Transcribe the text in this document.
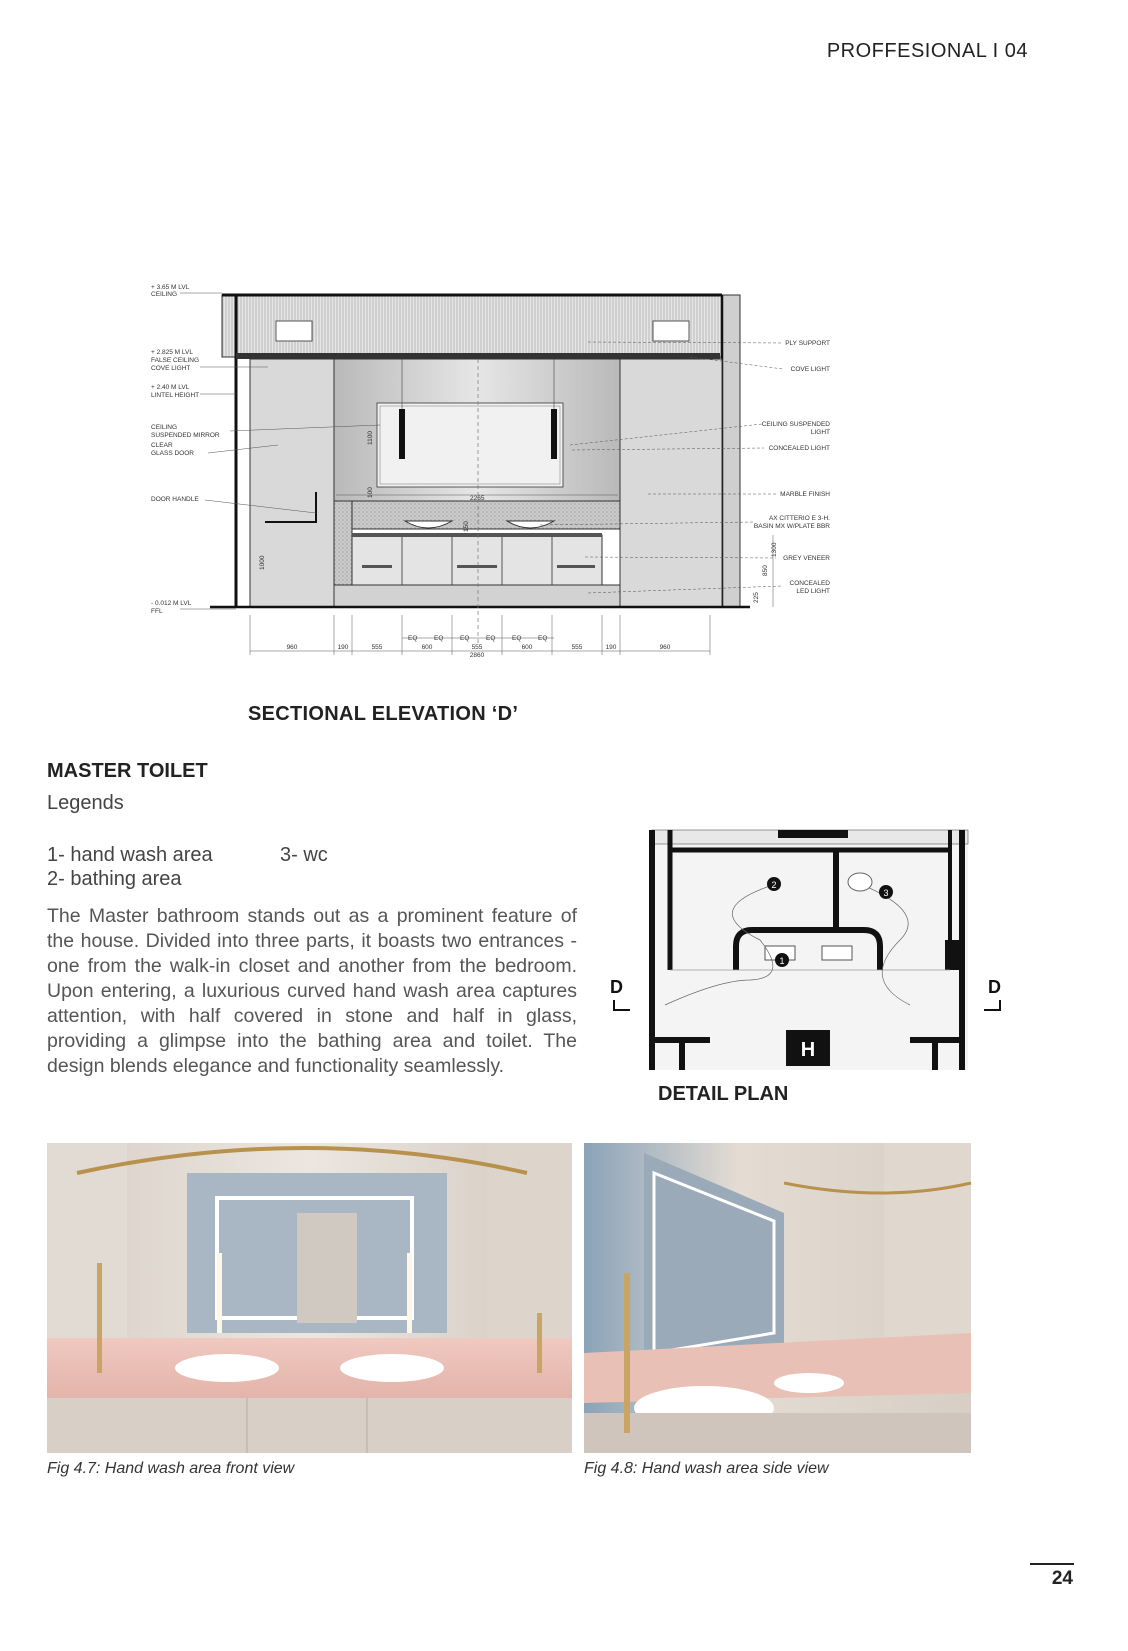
PROFFESIONAL I 04
+ 3.65 M LVL
CEILING
+ 2.825 M LVL
FALSE CEILING
COVE LIGHT
+ 2.40 M LVL
LINTEL HEIGHT
- 0.012 M LVL
FFL
CEILING
SUSPENDED MIRROR
CLEAR
GLASS DOOR
DOOR HANDLE
PLY SUPPORT
COVE LIGHT
CEILING SUSPENDED
LIGHT
CONCEALED LIGHT
MARBLE FINISH
AX CITTERIO E 3-H.
BASIN MX W/PLATE BBR
GREY VENEER
CONCEALED
LED LIGHT
1100
100
2265
150
1000
1300
850
225
EQ	EQ	EQ	EQ	EQ	EQ
960	190	555	600	555	600	555	190	960
2860
SECTIONAL ELEVATION ‘D’
MASTER TOILET
Legends
1- hand wash area
2- bathing area
3- wc
The Master bathroom stands out as a prominent feature of the house. Divided into three parts, it boasts two entrances - one from the walk-in closet and another from the bedroom. Upon entering, a luxurious curved hand wash area captures attention, with half covered in stone and half in glass, providing a glimpse into the bathing area and toilet. The design blends elegance and functionality seamlessly.
H
1
2
3
D	D
DETAIL PLAN
Fig 4.7: Hand wash area front view	Fig 4.8: Hand wash area side view
24
